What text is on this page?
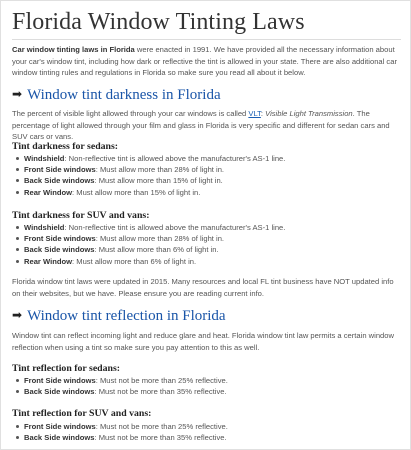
Florida Window Tinting Laws
Car window tinting laws in Florida were enacted in 1991. We have provided all the necessary information about your car's window tint, including how dark or reflective the tint is allowed in your state. There are also additional car window tinting rules and regulations in Florida so make sure you read all about it below.
➡ Window tint darkness in Florida
The percent of visible light allowed through your car windows is called VLT: Visible Light Transmission. The percentage of light allowed through your film and glass in Florida is very specific and different for sedan cars and SUV cars or vans.
Tint darkness for sedans:
Windshield: Non-reflective tint is allowed above the manufacturer's AS-1 line.
Front Side windows: Must allow more than 28% of light in.
Back Side windows: Must allow more than 15% of light in.
Rear Window: Must allow more than 15% of light in.
Tint darkness for SUV and vans:
Windshield: Non-reflective tint is allowed above the manufacturer's AS-1 line.
Front Side windows: Must allow more than 28% of light in.
Back Side windows: Must allow more than 6% of light in.
Rear Window: Must allow more than 6% of light in.
Florida window tint laws were updated in 2015. Many resources and local FL tint business have NOT updated info on their websites, but we have. Please ensure you are reading current info.
➡ Window tint reflection in Florida
Window tint can reflect incoming light and reduce glare and heat. Florida window tint law permits a certain window reflection when using a tint so make sure you pay attention to this as well.
Tint reflection for sedans:
Front Side windows: Must not be more than 25% reflective.
Back Side windows: Must not be more than 35% reflective.
Tint reflection for SUV and vans:
Front Side windows: Must not be more than 25% reflective.
Back Side windows: Must not be more than 35% reflective.
